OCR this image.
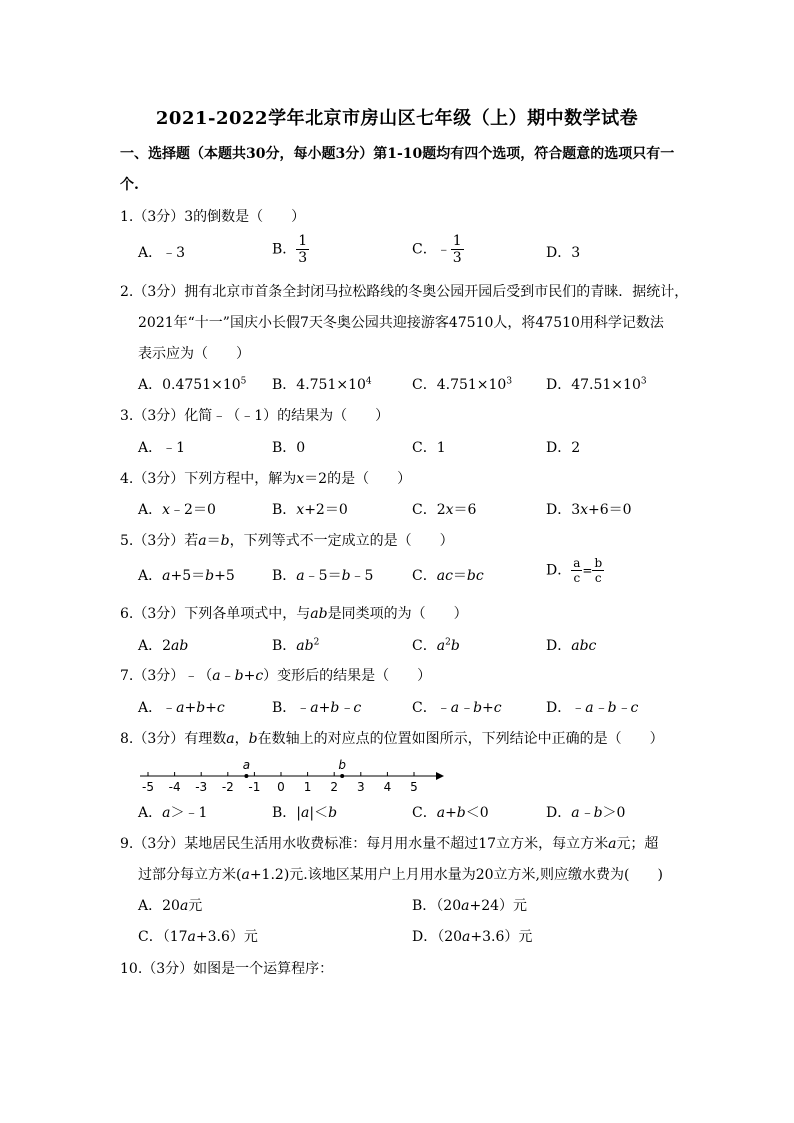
2021-2022学年北京市房山区七年级（上）期中数学试卷
一、选择题（本题共30分，每小题3分）第1-10题均有四个选项，符合题意的选项只有一
个.
1.（3分）3的倒数是（　　）
A．﹣3	B． $\frac{1}{3}$	C．﹣ $\frac{1}{3}$	D．3
2.（3分）拥有北京市首条全封闭马拉松路线的冬奥公园开园后受到市民们的青睐．据统计，
2021年“十一”国庆小长假7天冬奥公园共迎接游客47510人，将47510用科学记数法
表示应为（　　）
A．$0.4751\times 10^5$ B．$4.751\times 10^4$	C．$4.751\times 10^3$ D．$47.51\times 10^3$
3.（3分）化简﹣（﹣1）的结果为（　　）
A．﹣1	B．0	C．1	D．2
4.（3分）下列方程中，解为x＝2的是（　　）
A．x﹣2＝0	B．x+2＝0	C．2x＝6	D．3x+6＝0
5.（3分）若a＝b，下列等式不一定成立的是（　　）
A．a+5＝b+5	B．a﹣5＝b﹣5	C．ac＝bc	D． $\frac{a}{c} = \frac{b}{c}$
6.（3分）下列各单项式中，与ab是同类项的为（　　）
A．2ab	B．$ab^2$	C．$a^2b$	D．abc
7.（3分）﹣（a﹣b+c）变形后的结果是（　　）
A．﹣a+b+c	B．﹣a+b﹣c	C．﹣a﹣b+c	D．﹣a﹣b﹣c
8.（3分）有理数a，b在数轴上的对应点的位置如图所示，下列结论中正确的是（　　）
-5 -4 -3 -2 -1 0 1 2 3 4 5
a	b
A．a＞﹣1	B．|a|＜b	C．a+b＜0	D．a﹣b＞0
9.（3分）某地居民生活用水收费标准：每月用水量不超过17立方米，每立方米a元；超
过部分每立方米(a+1.2)元.该地区某用户上月用水量为20立方米,则应缴水费为(　　)
A．20a元	B．（20a+24）元
C．（17a+3.6）元	D．（20a+3.6）元
10.（3分）如图是一个运算程序：
